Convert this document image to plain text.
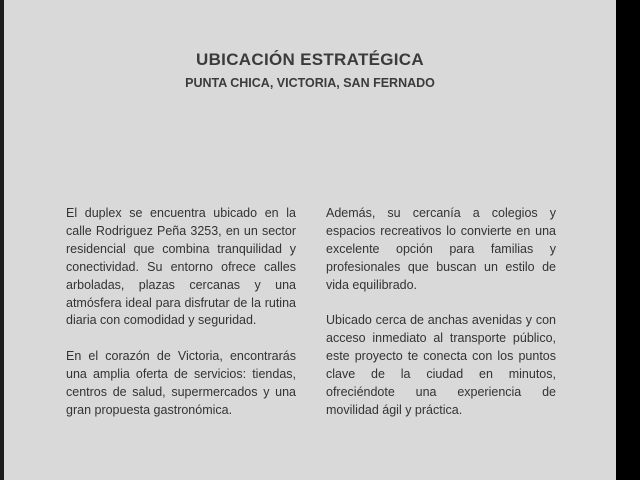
UBICACIÓN ESTRATÉGICA
PUNTA CHICA, VICTORIA, SAN FERNADO

El duplex se encuentra ubicado en la calle Rodriguez Peña 3253, en un sector residencial que combina tranquilidad y conectividad. Su entorno ofrece calles arboladas, plazas cercanas y una atmósfera ideal para disfrutar de la rutina diaria con comodidad y seguridad.

En el corazón de Victoria, encontrarás una amplia oferta de servicios: tiendas, centros de salud, supermercados y una gran propuesta gastronómica.

Además, su cercanía a colegios y espacios recreativos lo convierte en una excelente opción para familias y profesionales que buscan un estilo de vida equilibrado.

Ubicado cerca de anchas avenidas y con acceso inmediato al transporte público, este proyecto te conecta con los puntos clave de la ciudad en minutos, ofreciéndote una experiencia de movilidad ágil y práctica.
